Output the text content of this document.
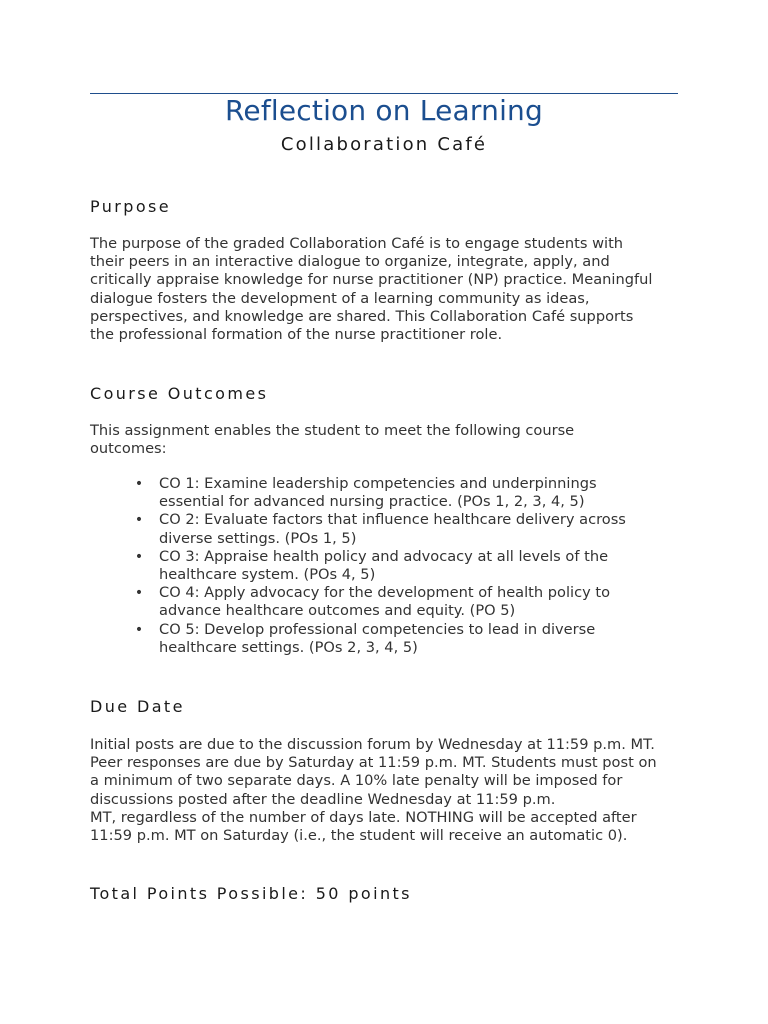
Reflection on Learning
Collaboration Café
Purpose
The purpose of the graded Collaboration Café is to engage students with
their peers in an interactive dialogue to organize, integrate, apply, and
critically appraise knowledge for nurse practitioner (NP) practice. Meaningful
dialogue fosters the development of a learning community as ideas,
perspectives, and knowledge are shared. This Collaboration Café supports
the professional formation of the nurse practitioner role.
Course Outcomes
This assignment enables the student to meet the following course
outcomes:
• CO 1: Examine leadership competencies and underpinnings
essential for advanced nursing practice. (POs 1, 2, 3, 4, 5)
• CO 2: Evaluate factors that influence healthcare delivery across
diverse settings. (POs 1, 5)
• CO 3: Appraise health policy and advocacy at all levels of the
healthcare system. (POs 4, 5)
• CO 4: Apply advocacy for the development of health policy to
advance healthcare outcomes and equity. (PO 5)
• CO 5: Develop professional competencies to lead in diverse
healthcare settings. (POs 2, 3, 4, 5)
Due Date
Initial posts are due to the discussion forum by Wednesday at 11:59 p.m. MT.
Peer responses are due by Saturday at 11:59 p.m. MT. Students must post on
a minimum of two separate days. A 10% late penalty will be imposed for
discussions posted after the deadline Wednesday at 11:59 p.m.
MT, regardless of the number of days late. NOTHING will be accepted after
11:59 p.m. MT on Saturday (i.e., the student will receive an automatic 0).
Total Points Possible: 50 points
